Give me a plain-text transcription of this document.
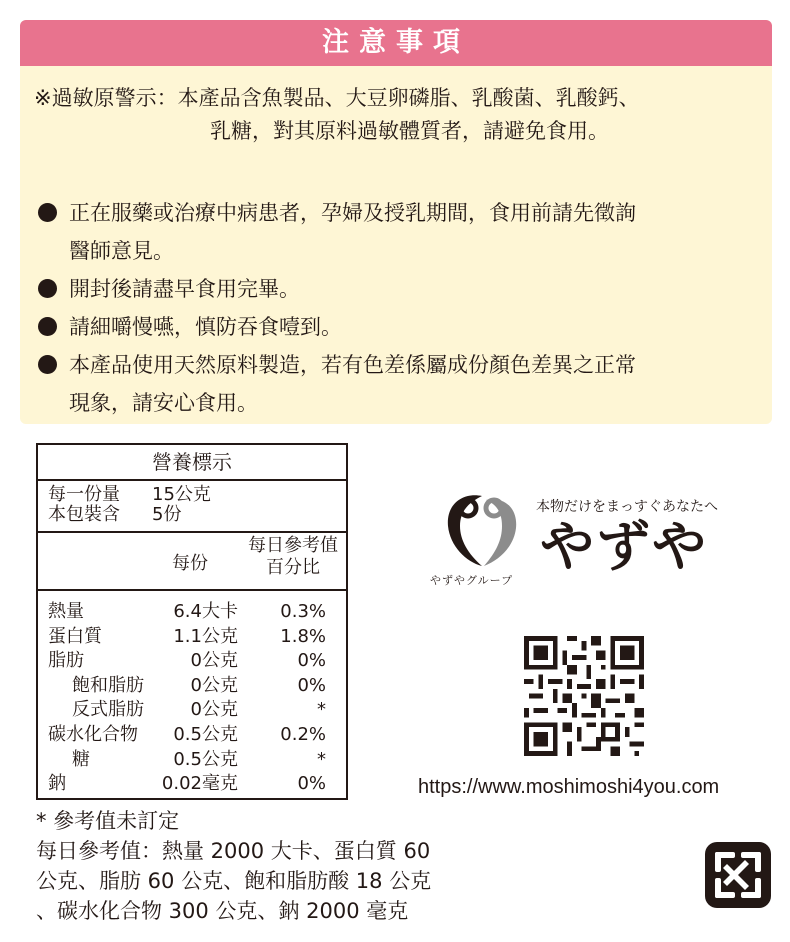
注意事項
※過敏原警示：本產品含魚製品、大豆卵磷脂、乳酸菌、乳酸鈣、
乳糖，對其原料過敏體質者，請避免食用。
正在服藥或治療中病患者，孕婦及授乳期間，食用前請先徵詢
醫師意見。
開封後請盡早食用完畢。
請細嚼慢嚥，慎防吞食噎到。
本產品使用天然原料製造，若有色差係屬成份顏色差異之正常
現象，請安心食用。
營養標示
每一份量 15公克
本包裝含 5份
每份
每日參考值
百分比
熱量	6.4大卡 0.3%
蛋白質	1.1公克 1.8%
脂肪	0公克	0%
飽和脂肪	0公克	0%
反式脂肪	0公克	*
碳水化合物 0.5公克 0.2%
糖	0.5公克	*
鈉	0.02毫克	0%
* 參考值未訂定
每日參考值：熱量 2000 大卡、蛋白質 60
公克、脂肪 60 公克、飽和脂肪酸 18 公克
、碳水化合物 300 公克、鈉 2000 毫克
やずやグループ
本物だけをまっすぐあなたへ
やずや
https://www.moshimoshi4you.com
